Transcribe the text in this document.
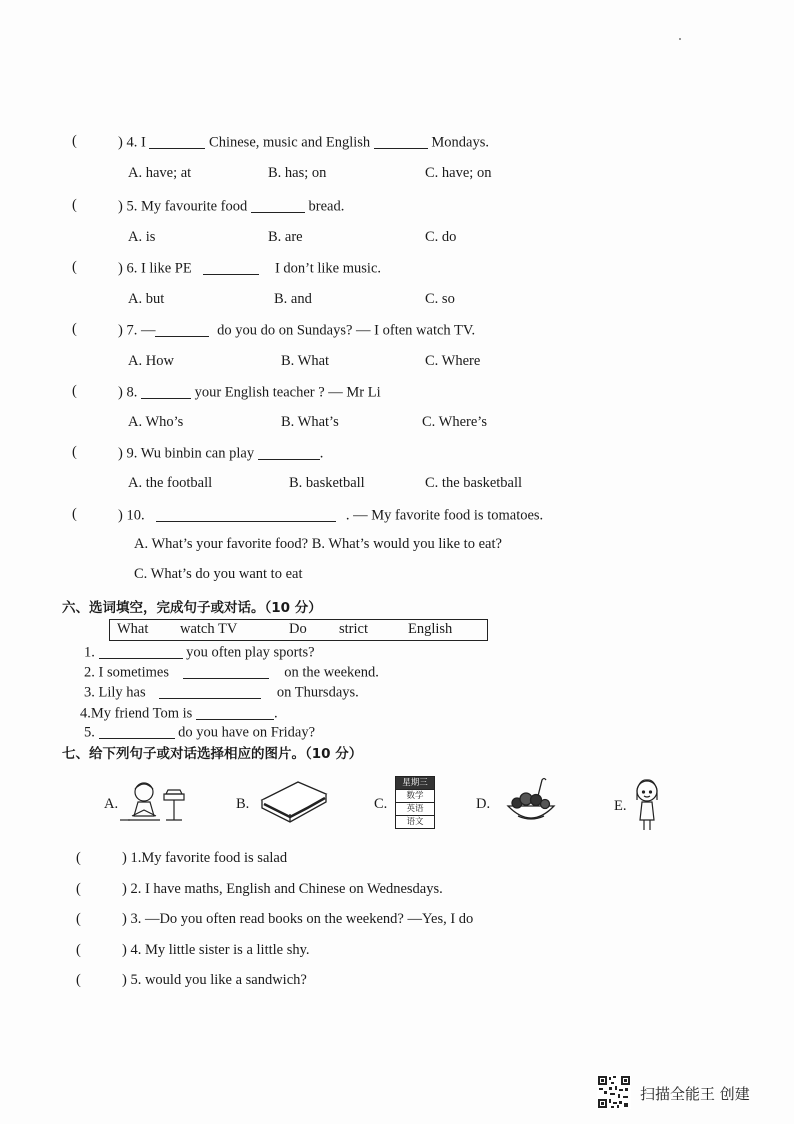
(	) 4. I	Chinese, music and English	Mondays.
A. have; at	B. has; on	C. have; on
(	) 5. My favourite food	bread.
A. is	B. are	C. do
(	) 6. I like PE	I don’t like music.
A. but	B. and	C. so
(	) 7. —	do you do on Sundays? — I often watch TV.
A. How	B. What	C. Where
(	) 8.	your English teacher ? — Mr Li
A. Who’s	B. What’s	C. Where’s
(	) 9. Wu binbin can play	.
A. the football	B. basketball	C. the basketball
(	) 10.	. — My favorite food is tomatoes.
A. What’s your favorite food? B. What’s would you like to eat?
C. What’s do you want to eat
六、选词填空，完成句子或对话。（10 分）
What watch TV	Do strict	English
1.	you often play sports?
2. I sometimes	on the weekend.
3. Lily has	on Thursdays.
4.My friend Tom is	.
5.	do you have on Friday?
七、给下列句子或对话选择相应的图片。（10 分）
A.	B.	C.
星期三
数学
英语
语文
D.	E.
(	) 1.My favorite food is salad
(	) 2. I have maths, English and Chinese on Wednesdays.
(	) 3. —Do you often read books on the weekend? —Yes, I do
(	) 4. My little sister is a little shy.
(	) 5. would you like a sandwich?
扫描全能王 创建
